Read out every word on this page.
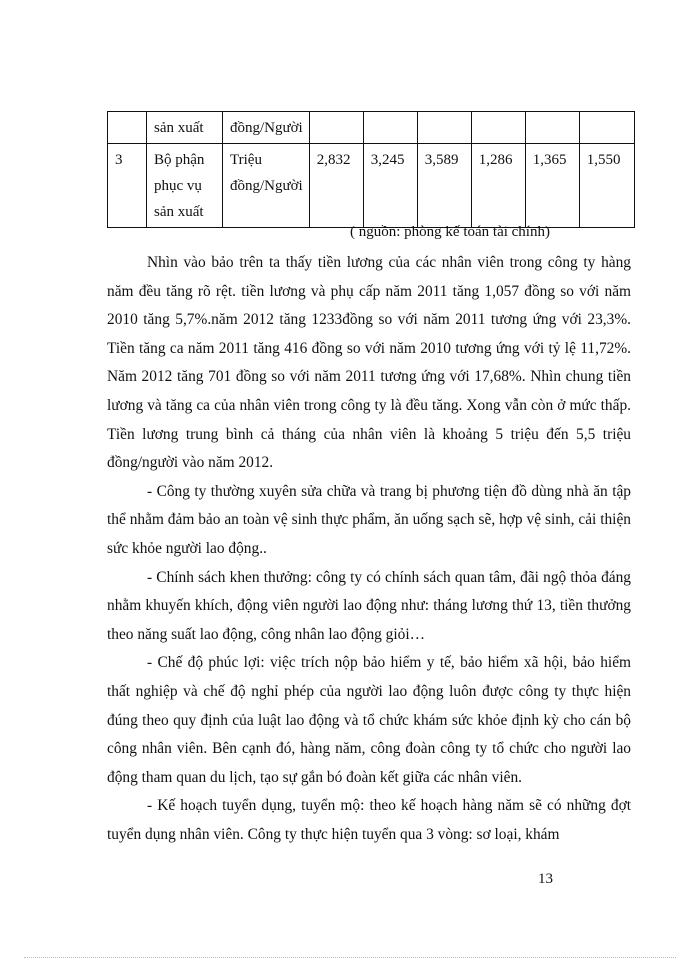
	sản xuất	đồng/Người						
3	Bộ phận phục vụ sản xuất	Triệu đồng/Người	2,832	3,245	3,589	1,286	1,365	1,550
( nguồn: phòng kế toán tài chính)

Nhìn vào bảo trên ta thấy tiền lương của các nhân viên trong công ty hàng năm đều tăng rõ rệt. tiền lương và phụ cấp năm 2011 tăng 1,057 đồng so với năm 2010 tăng 5,7%.năm 2012 tăng 1233đồng so với năm 2011 tương ứng với 23,3%. Tiền tăng ca năm 2011 tăng 416 đồng so với năm 2010 tương ứng với tỷ lệ 11,72%. Năm 2012 tăng 701 đồng so với năm 2011 tương ứng với 17,68%. Nhìn chung tiền lương và tăng ca của nhân viên trong công ty là đều tăng. Xong vẫn còn ở mức thấp. Tiền lương trung bình cả tháng của nhân viên là khoảng 5 triệu đến 5,5 triệu đồng/người vào năm 2012.

- Công ty thường xuyên sửa chữa và trang bị phương tiện đồ dùng nhà ăn tập thể nhằm đảm bảo an toàn vệ sinh thực phẩm, ăn uống sạch sẽ, hợp vệ sinh, cải thiện sức khỏe người lao động..

- Chính sách khen thưởng: công ty có chính sách quan tâm, đãi ngộ thỏa đáng nhằm khuyến khích, động viên người lao động như: tháng lương thứ 13, tiền thưởng theo năng suất lao động, công nhân lao động giỏi…

- Chế độ phúc lợi: việc trích nộp bảo hiểm y tế, bảo hiểm xã hội, bảo hiểm thất nghiệp và chế độ nghỉ phép của người lao động luôn được công ty thực hiện đúng theo quy định của luật lao động và tổ chức khám sức khỏe định kỳ cho cán bộ công nhân viên. Bên cạnh đó, hàng năm, công đoàn công ty tổ chức cho người lao động tham quan du lịch, tạo sự gắn bó đoàn kết giữa các nhân viên.

- Kế hoạch tuyển dụng, tuyển mộ: theo kế hoạch hàng năm sẽ có những đợt tuyển dụng nhân viên. Công ty thực hiện tuyển qua 3 vòng: sơ loại, khám

13
